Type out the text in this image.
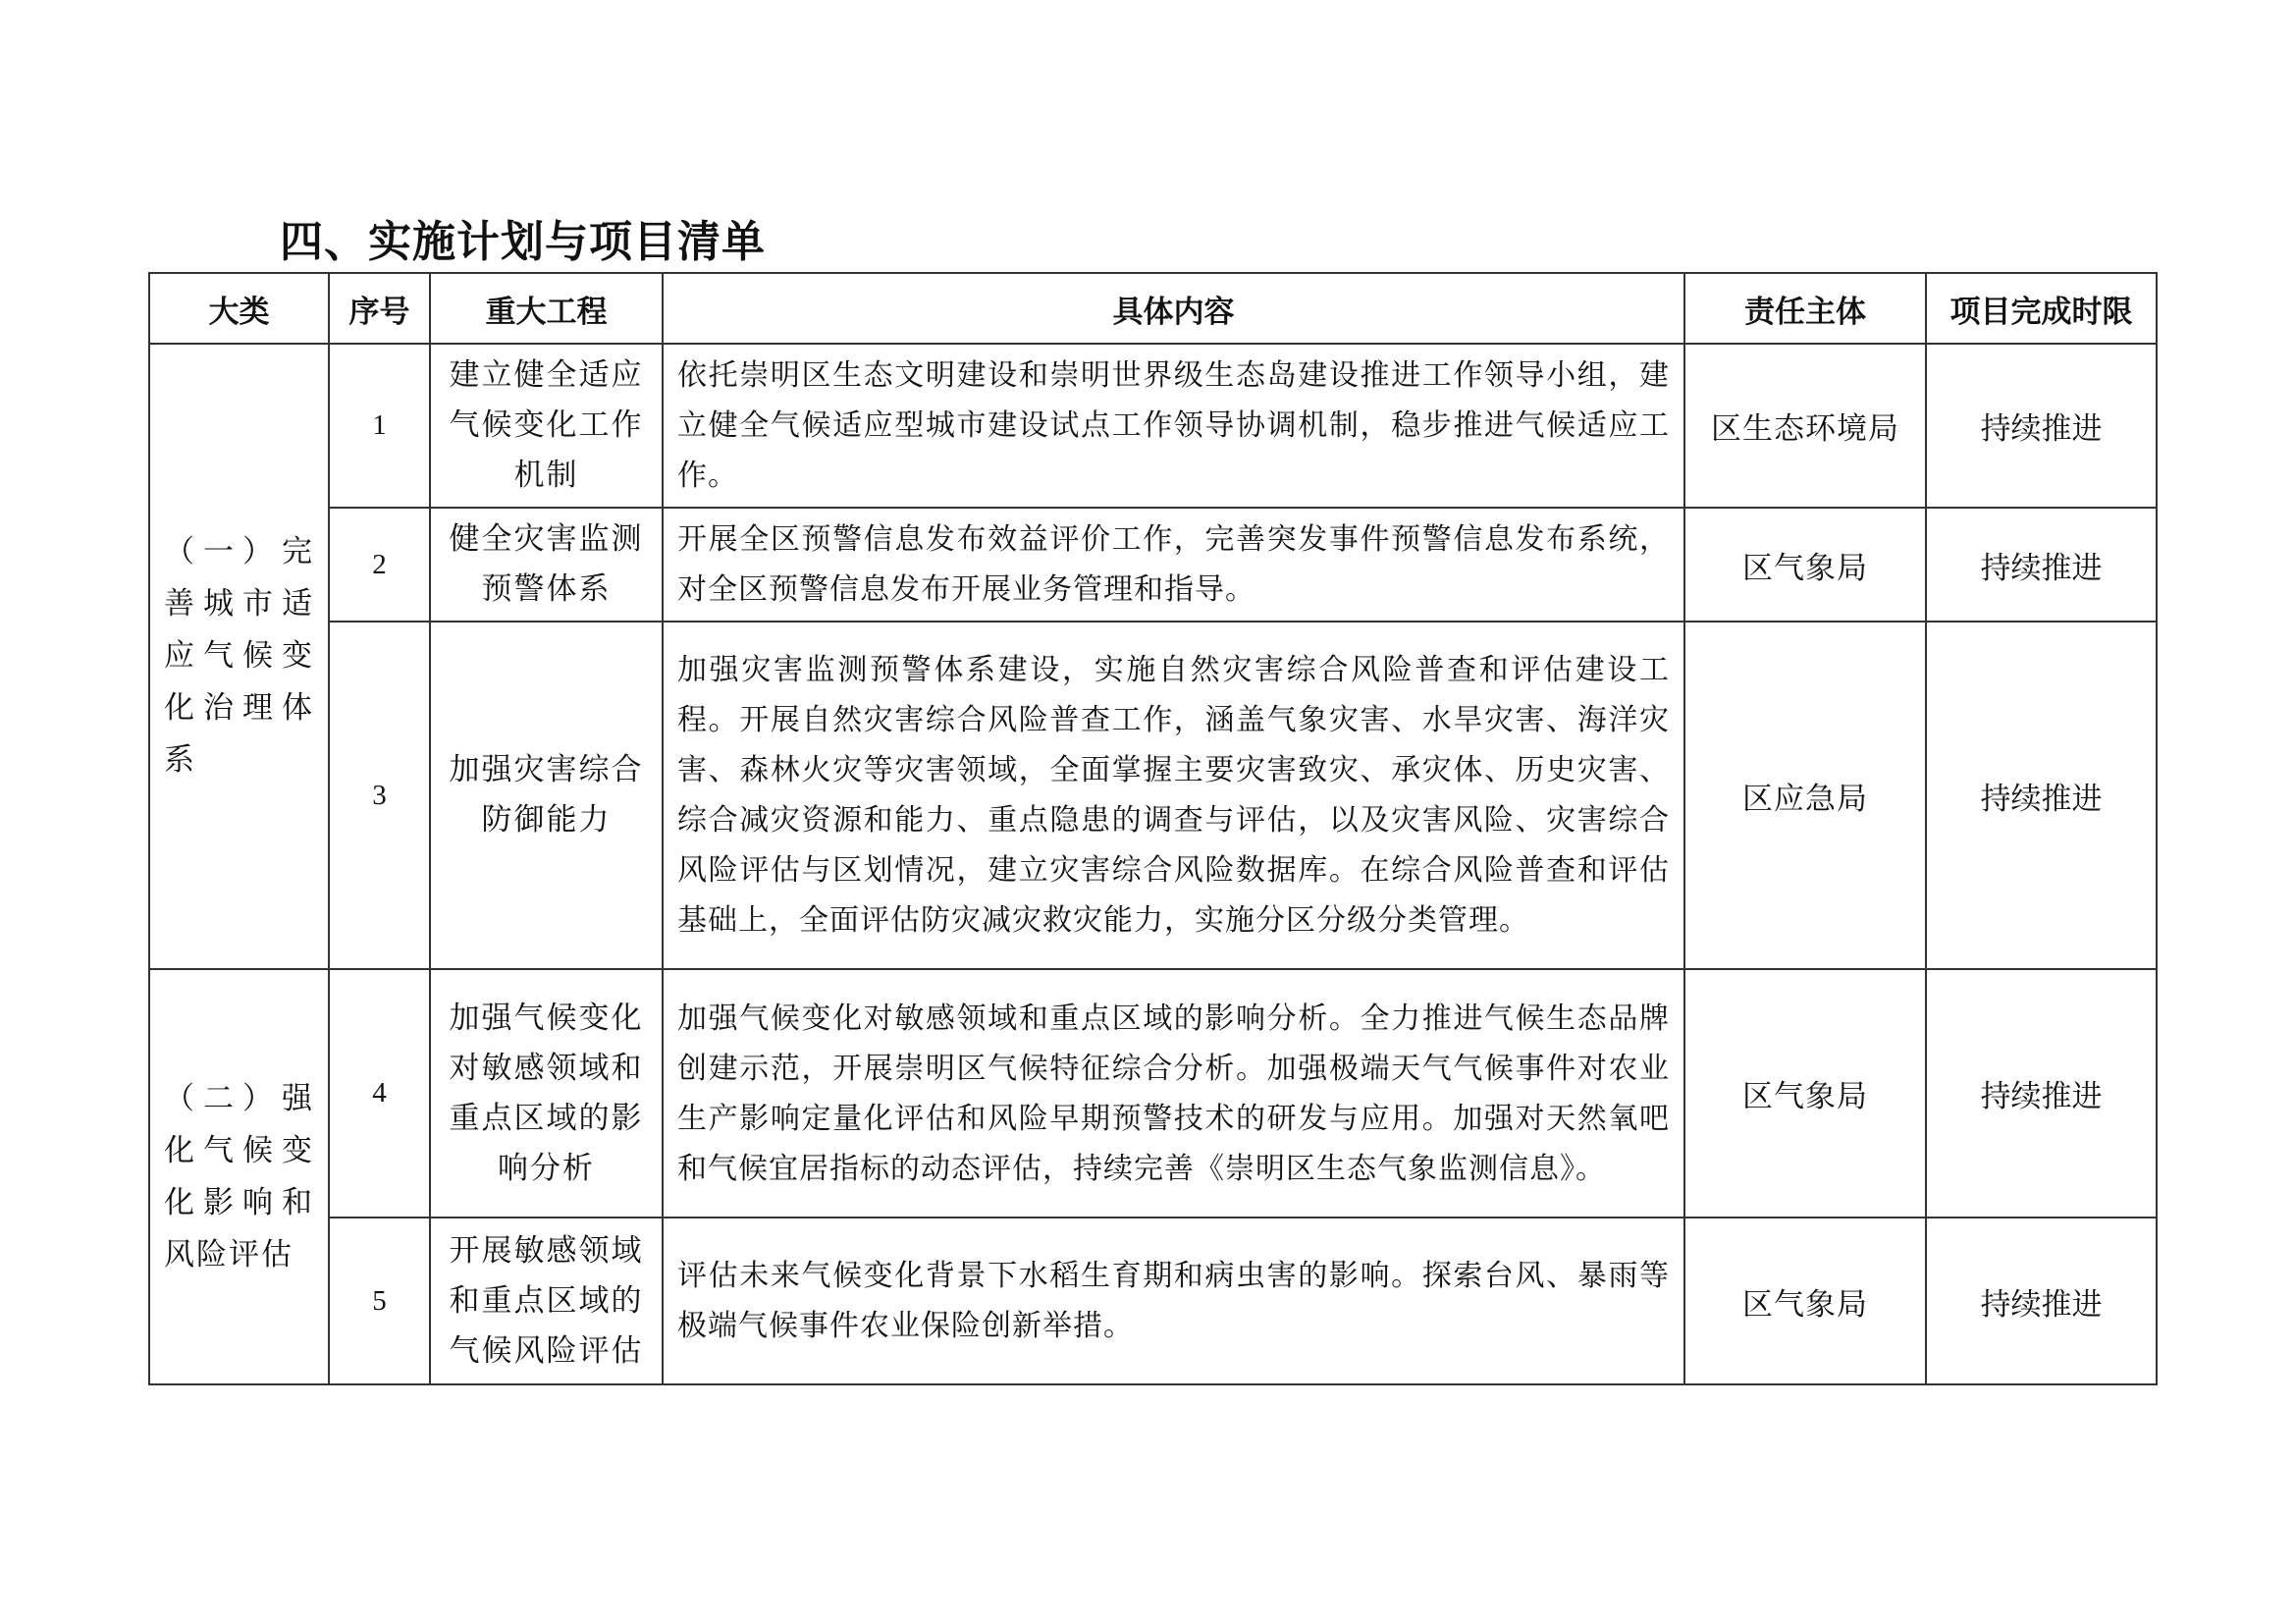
四、实施计划与项目清单
大类	序号	重大工程	具体内容	责任主体	项目完成时限
（一）完善城市适应气候变化治理体系	1	建立健全适应气候变化工作机制	依托崇明区生态文明建设和崇明世界级生态岛建设推进工作领导小组，建立健全气候适应型城市建设试点工作领导协调机制，稳步推进气候适应工作。	区生态环境局	持续推进
	2	健全灾害监测预警体系	开展全区预警信息发布效益评价工作，完善突发事件预警信息发布系统，对全区预警信息发布开展业务管理和指导。	区气象局	持续推进
	3	加强灾害综合防御能力	加强灾害监测预警体系建设，实施自然灾害综合风险普查和评估建设工程。开展自然灾害综合风险普查工作，涵盖气象灾害、水旱灾害、海洋灾害、森林火灾等灾害领域，全面掌握主要灾害致灾、承灾体、历史灾害、综合减灾资源和能力、重点隐患的调查与评估，以及灾害风险、灾害综合风险评估与区划情况，建立灾害综合风险数据库。在综合风险普查和评估基础上，全面评估防灾减灾救灾能力，实施分区分级分类管理。	区应急局	持续推进
（二）强化气候变化影响和风险评估	4	加强气候变化对敏感领域和重点区域的影响分析	加强气候变化对敏感领域和重点区域的影响分析。全力推进气候生态品牌创建示范，开展崇明区气候特征综合分析。加强极端天气气候事件对农业生产影响定量化评估和风险早期预警技术的研发与应用。加强对天然氧吧和气候宜居指标的动态评估，持续完善《崇明区生态气象监测信息》。	区气象局	持续推进
	5	开展敏感领域和重点区域的气候风险评估	评估未来气候变化背景下水稻生育期和病虫害的影响。探索台风、暴雨等极端气候事件农业保险创新举措。	区气象局	持续推进
